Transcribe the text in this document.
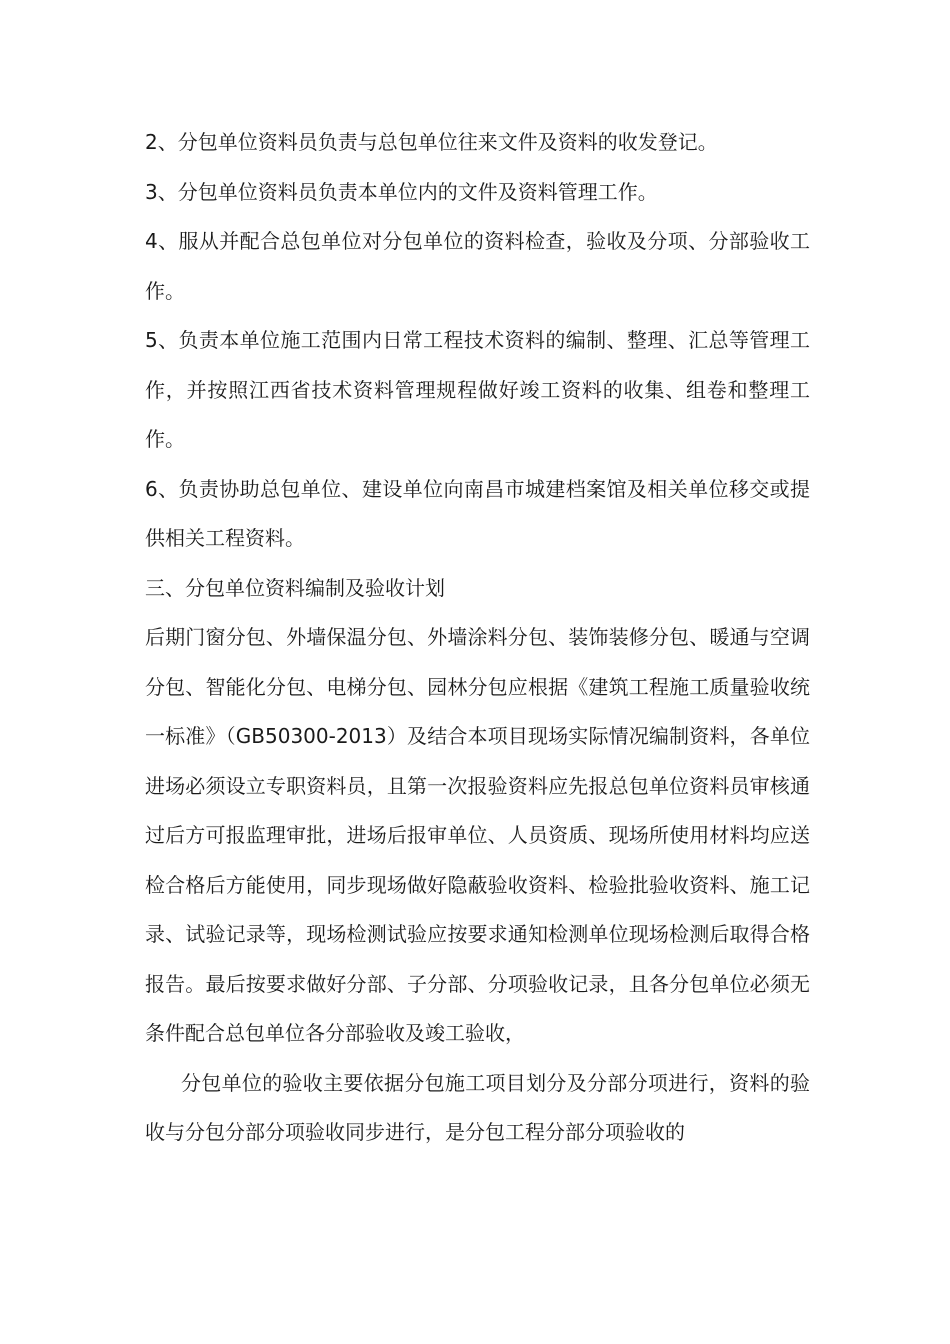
2、分包单位资料员负责与总包单位往来文件及资料的收发登记。

3、分包单位资料员负责本单位内的文件及资料管理工作。

4、服从并配合总包单位对分包单位的资料检查，验收及分项、分部验收工作。

5、负责本单位施工范围内日常工程技术资料的编制、整理、汇总等管理工作，并按照江西省技术资料管理规程做好竣工资料的收集、组卷和整理工作。

6、负责协助总包单位、建设单位向南昌市城建档案馆及相关单位移交或提供相关工程资料。

三、分包单位资料编制及验收计划

后期门窗分包、外墙保温分包、外墙涂料分包、装饰装修分包、暖通与空调分包、智能化分包、电梯分包、园林分包应根据《建筑工程施工质量验收统一标准》（GB50300-2013）及结合本项目现场实际情况编制资料，各单位进场必须设立专职资料员，且第一次报验资料应先报总包单位资料员审核通过后方可报监理审批，进场后报审单位、人员资质、现场所使用材料均应送检合格后方能使用，同步现场做好隐蔽验收资料、检验批验收资料、施工记录、试验记录等，现场检测试验应按要求通知检测单位现场检测后取得合格报告。最后按要求做好分部、子分部、分项验收记录，且各分包单位必须无条件配合总包单位各分部验收及竣工验收，

分包单位的验收主要依据分包施工项目划分及分部分项进行，资料的验收与分包分部分项验收同步进行，是分包工程分部分项验收的
